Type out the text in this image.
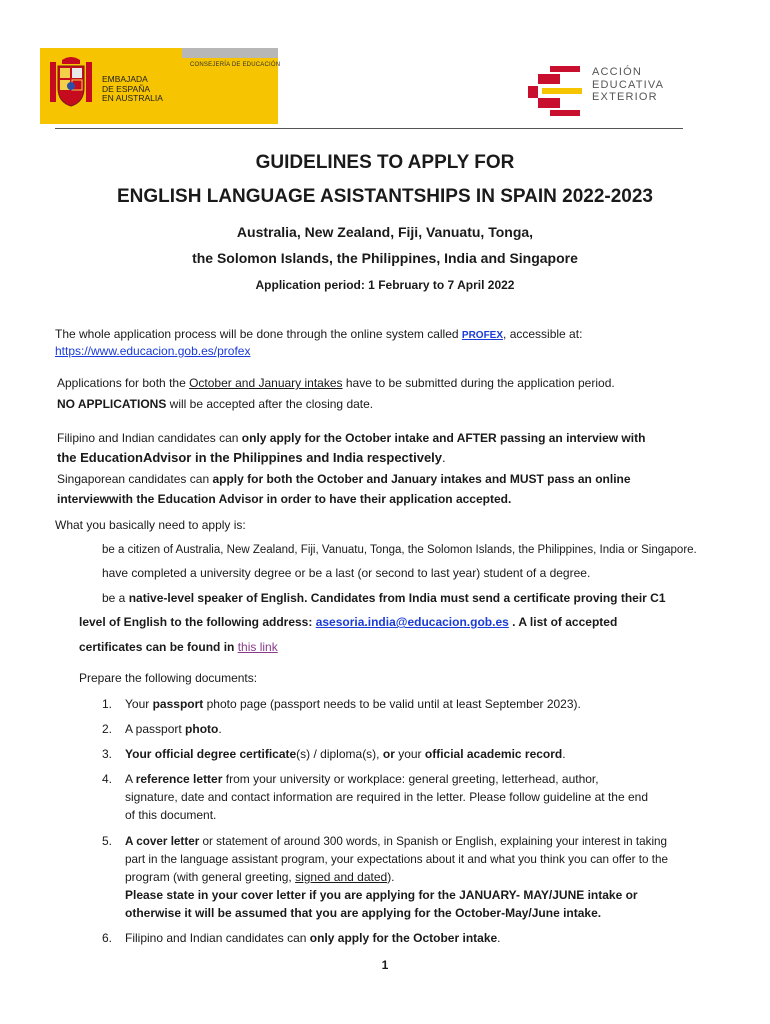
CONSEJERÍA DE EDUCACIÓN
EMBAJADA
DE ESPAÑA
EN AUSTRALIA
ACCIÓN
EDUCATIVA
EXTERIOR
GUIDELINES TO APPLY FOR
ENGLISH LANGUAGE ASISTANTSHIPS IN SPAIN 2022-2023
Australia, New Zealand, Fiji, Vanuatu, Tonga,
the Solomon Islands, the Philippines, India and Singapore
Application period: 1 February to 7 April 2022
The whole application process will be done through the online system called PROFEX, accessible at:
https://www.educacion.gob.es/profex
Applications for both the October and January intakes have to be submitted during the application period.
NO APPLICATIONS will be accepted after the closing date.
Filipino and Indian candidates can only apply for the October intake and AFTER passing an interview with
the EducationAdvisor in the Philippines and India respectively.
Singaporean candidates can apply for both the October and January intakes and MUST pass an online
interviewwith the Education Advisor in order to have their application accepted.
What you basically need to apply is:
be a citizen of Australia, New Zealand, Fiji, Vanuatu, Tonga, the Solomon Islands, the Philippines, India or Singapore.
have completed a university degree or be a last (or second to last year) student of a degree.
be a native-level speaker of English. Candidates from India must send a certificate proving their C1
level of English to the following address: asesoria.india@educacion.gob.es . A list of accepted
certificates can be found in this link
Prepare the following documents:
1. Your passport photo page (passport needs to be valid until at least September 2023).
2. A passport photo.
3. Your official degree certificate(s) / diploma(s), or your official academic record.
4. A reference letter from your university or workplace: general greeting, letterhead, author,
signature, date and contact information are required in the letter. Please follow guideline at the end
of this document.
5. A cover letter or statement of around 300 words, in Spanish or English, explaining your interest in taking
part in the language assistant program, your expectations about it and what you think you can offer to the
program (with general greeting, signed and dated).
Please state in your cover letter if you are applying for the JANUARY- MAY/JUNE intake or
otherwise it will be assumed that you are applying for the October-May/June intake.
6. Filipino and Indian candidates can only apply for the October intake.
1
